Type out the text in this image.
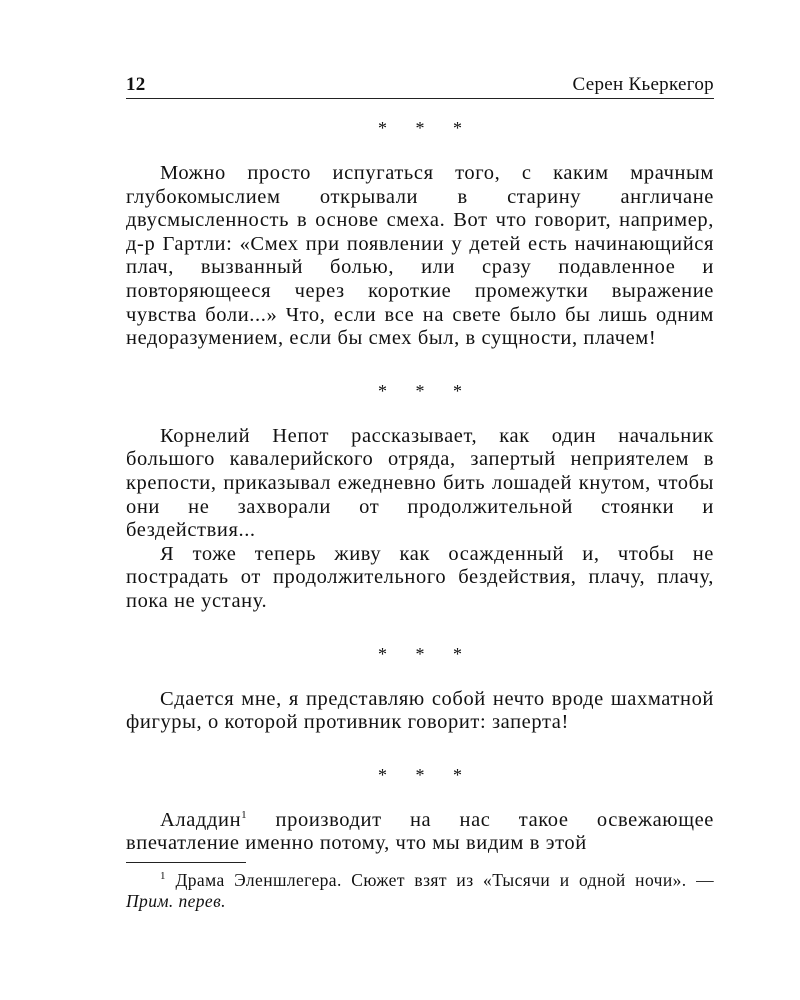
12	Серен Кьеркегор
* * *

Можно просто испугаться того, с каким мрачным глубокомыслием открывали в старину англичане двусмысленность в основе смеха. Вот что говорит, например, д-р Гартли: «Смех при появлении у детей есть начинающийся плач, вызванный болью, или сразу подавленное и повторяющееся через короткие промежутки выражение чувства боли...» Что, если все на свете было бы лишь одним недоразумением, если бы смех был, в сущности, плачем!

* * *

Корнелий Непот рассказывает, как один начальник большого кавалерийского отряда, запертый неприятелем в крепости, приказывал ежедневно бить лошадей кнутом, чтобы они не захворали от продолжительной стоянки и бездействия...

Я тоже теперь живу как осажденный и, чтобы не пострадать от продолжительного бездействия, плачу, плачу, пока не устану.

* * *

Сдается мне, я представляю собой нечто вроде шахматной фигуры, о которой противник говорит: заперта!

* * *

Аладдин$^1$ производит на нас такое освежающее впечатление именно потому, что мы видим в этой

$^1$ Драма Эленшлегера. Сюжет взят из «Тысячи и одной ночи». — Прим. перев.
